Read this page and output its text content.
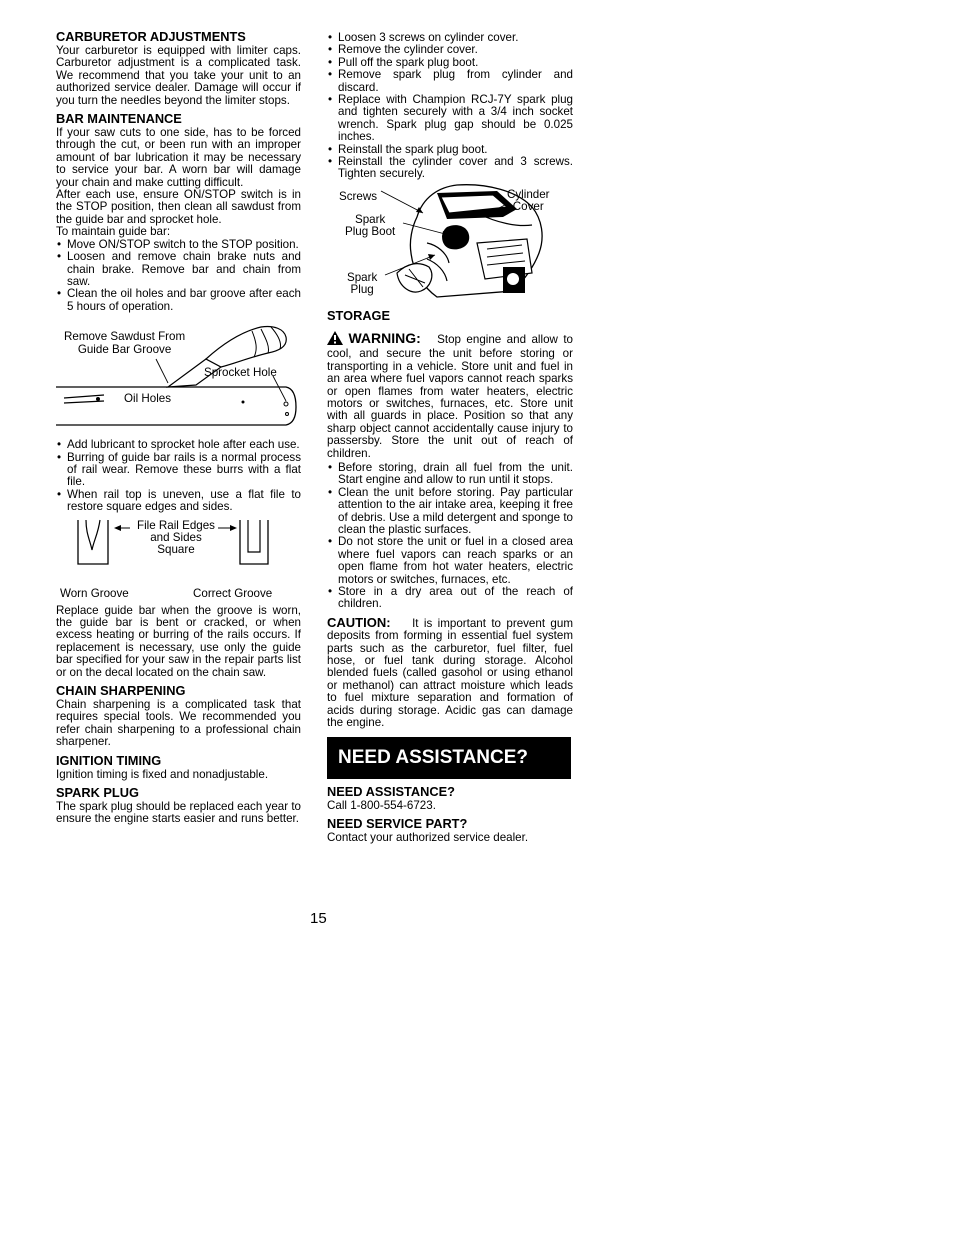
CARBURETOR ADJUSTMENTS

Your carburetor is equipped with limiter caps. Carburetor adjustment is a complicated task. We recommend that you take your unit to an authorized service dealer. Damage will occur if you turn the needles beyond the limiter stops.

BAR MAINTENANCE

If your saw cuts to one side, has to be forced through the cut, or been run with an improper amount of bar lubrication it may be necessary to service your bar. A worn bar will damage your chain and make cutting difficult.

After each use, ensure ON/STOP switch is in the STOP position, then clean all sawdust from the guide bar and sprocket hole.

To maintain guide bar:

• Move ON/STOP switch to the STOP position.
• Loosen and remove chain brake nuts and chain brake. Remove bar and chain from saw.
• Clean the oil holes and bar groove after each 5 hours of operation.
Remove Sawdust From
Guide Bar Groove
Sprocket Hole
Oil Holes
• Add lubricant to sprocket hole after each use.
• Burring of guide bar rails is a normal process of rail wear. Remove these burrs with a flat file.
• When rail top is uneven, use a flat file to restore square edges and sides.
File Rail Edges
and Sides
Square
Worn Groove	Correct Groove

Replace guide bar when the groove is worn, the guide bar is bent or cracked, or when excess heating or burring of the rails occurs. If replacement is necessary, use only the guide bar specified for your saw in the repair parts list or on the decal located on the chain saw.

CHAIN SHARPENING

Chain sharpening is a complicated task that requires special tools. We recommended you refer chain sharpening to a professional chain sharpener.

IGNITION TIMING

Ignition timing is fixed and nonadjustable.

SPARK PLUG

The spark plug should be replaced each year to ensure the engine starts easier and runs better.

• Loosen 3 screws on cylinder cover.
• Remove the cylinder cover.
• Pull off the spark plug boot.
• Remove spark plug from cylinder and discard.
• Replace with Champion RCJ-7Y spark plug and tighten securely with a 3/4 inch socket wrench. Spark plug gap should be 0.025 inches.
• Reinstall the spark plug boot.
• Reinstall the cylinder cover and 3 screws. Tighten securely.
Screws	Cylinder
Cover
Spark
Plug Boot
Spark
Plug
STORAGE

WARNING: Stop engine and allow to cool, and secure the unit before storing or transporting in a vehicle. Store unit and fuel in an area where fuel vapors cannot reach sparks or open flames from water heaters, electric motors or switches, furnaces, etc. Store unit with all guards in place. Position so that any sharp object cannot accidentally cause injury to passersby. Store the unit out of reach of children.

• Before storing, drain all fuel from the unit. Start engine and allow to run until it stops.
• Clean the unit before storing. Pay particular attention to the air intake area, keeping it free of debris. Use a mild detergent and sponge to clean the plastic surfaces.
• Do not store the unit or fuel in a closed area where fuel vapors can reach sparks or an open flame from hot water heaters, electric motors or switches, furnaces, etc.
• Store in a dry area out of the reach of children.

CAUTION: It is important to prevent gum deposits from forming in essential fuel system parts such as the carburetor, fuel filter, fuel hose, or fuel tank during storage. Alcohol blended fuels (called gasohol or using ethanol or methanol) can attract moisture which leads to fuel mixture separation and formation of acids during storage. Acidic gas can damage the engine.

NEED ASSISTANCE?
NEED ASSISTANCE?

Call 1-800-554-6723.

NEED SERVICE PART?

Contact your authorized service dealer.

15
